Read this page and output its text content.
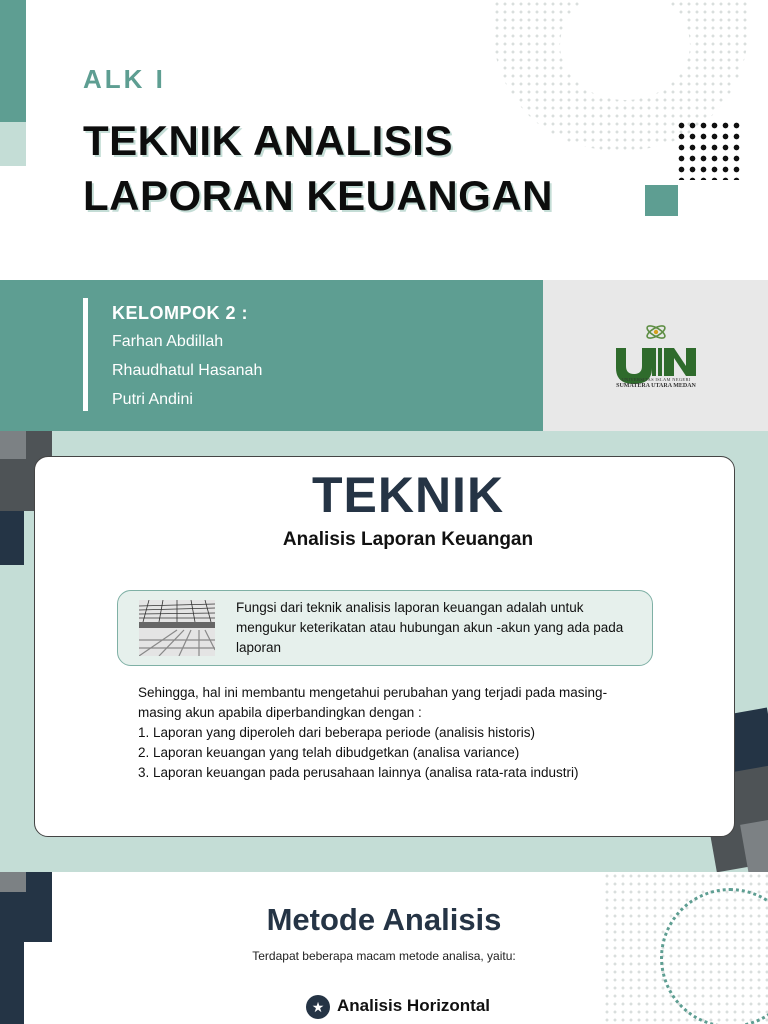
ALK I
TEKNIK ANALISIS
LAPORAN KEUANGAN
KELOMPOK 2 :
Farhan Abdillah
Rhaudhatul Hasanah
Putri Andini
UNIVERSITAS ISLAM NEGERI
SUMATERA UTARA MEDAN
TEKNIK
Analisis Laporan Keuangan
Fungsi dari teknik analisis laporan keuangan adalah untuk mengukur keterikatan atau hubungan akun -akun yang ada pada laporan
Sehingga, hal ini membantu mengetahui perubahan yang terjadi pada masing-masing akun apabila diperbandingkan dengan :
1. Laporan yang diperoleh dari beberapa periode (analisis historis)
2. Laporan keuangan yang telah dibudgetkan (analisa variance)
3. Laporan keuangan pada perusahaan lainnya (analisa rata-rata industri)
Metode Analisis
Terdapat beberapa macam metode analisa, yaitu:
★ Analisis Horizontal
